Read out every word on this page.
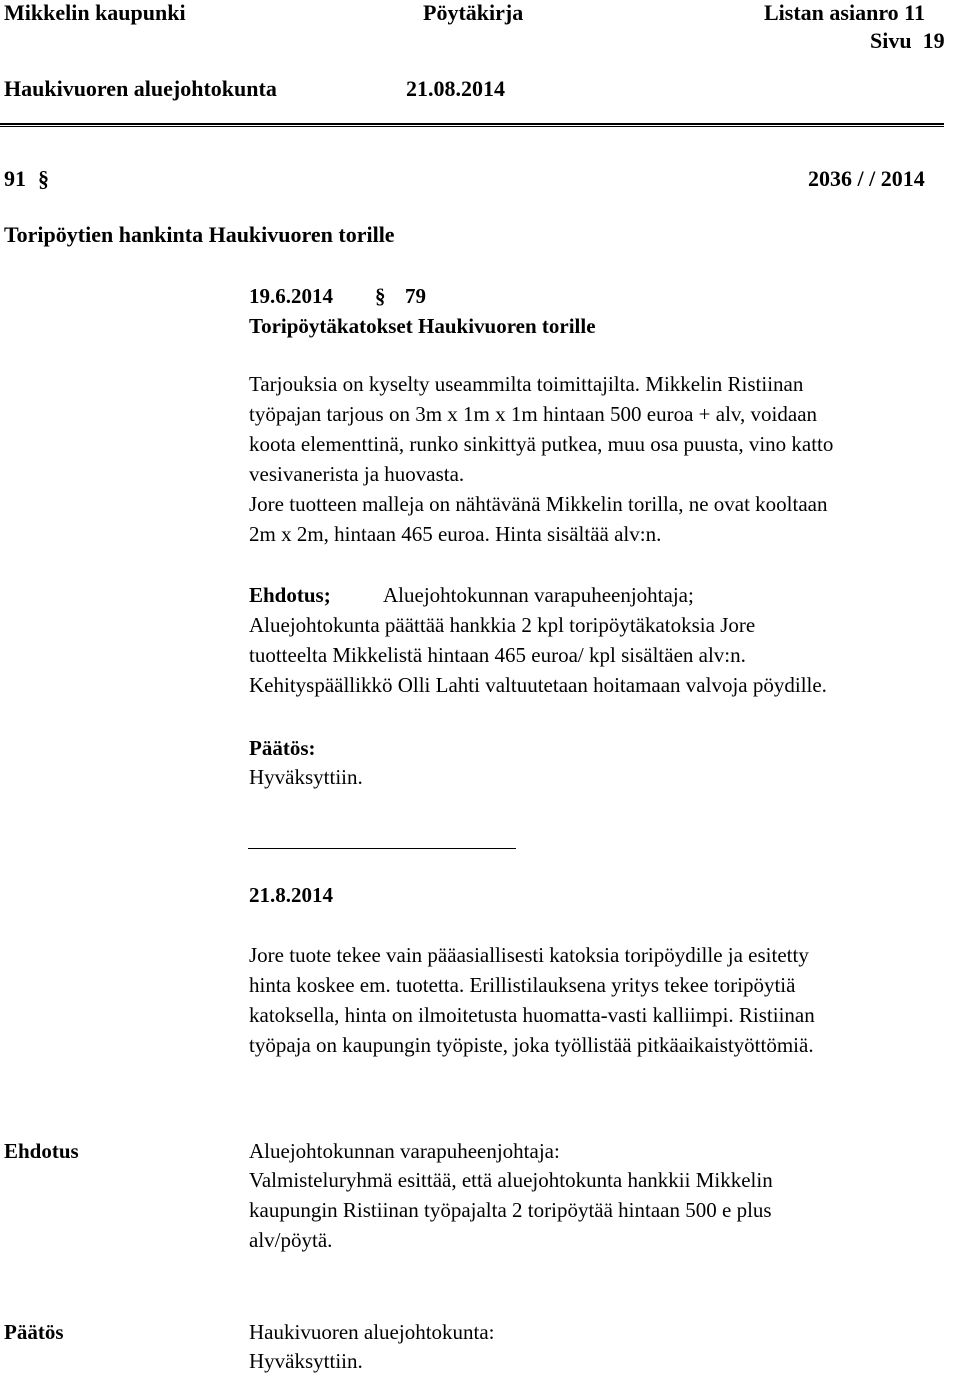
Mikkelin kaupunki	Pöytäkirja	Listan asianro 11
Sivu  19
Haukivuoren aluejohtokunta	21.08.2014
91 §	2036 / / 2014
Toripöytien hankinta Haukivuoren torille
19.6.2014 § 79
Toripöytäkatokset Haukivuoren torille
Tarjouksia on kyselty useammilta toimittajilta. Mikkelin Ristiinan
työpajan tarjous on 3m x 1m x 1m hintaan 500 euroa + alv, voidaan
koota elementtinä, runko sinkittyä putkea, muu osa puusta, vino katto
vesivanerista ja huovasta.
Jore tuotteen malleja on nähtävänä Mikkelin torilla, ne ovat kooltaan
2m x 2m, hintaan 465 euroa. Hinta sisältää alv:n.
Ehdotus; Aluejohtokunnan varapuheenjohtaja;
Aluejohtokunta päättää hankkia 2 kpl toripöytäkatoksia Jore
tuotteelta Mikkelistä hintaan 465 euroa/ kpl sisältäen alv:n.
Kehityspäällikkö Olli Lahti valtuutetaan hoitamaan valvoja pöydille.
Päätös:
Hyväksyttiin.
21.8.2014
Jore tuote tekee vain pääasiallisesti katoksia toripöydille ja esitetty
hinta koskee em. tuotetta. Erillistilauksena yritys tekee toripöytiä
katoksella, hinta on ilmoitetusta huomatta-vasti kalliimpi. Ristiinan
työpaja on kaupungin työpiste, joka työllistää pitkäaikaistyöttömiä.
Ehdotus	Aluejohtokunnan varapuheenjohtaja:
Valmisteluryhmä esittää, että aluejohtokunta hankkii Mikkelin
kaupungin Ristiinan työpajalta 2 toripöytää hintaan 500 e plus
alv/pöytä.
Päätös	Haukivuoren aluejohtokunta:
Hyväksyttiin.
